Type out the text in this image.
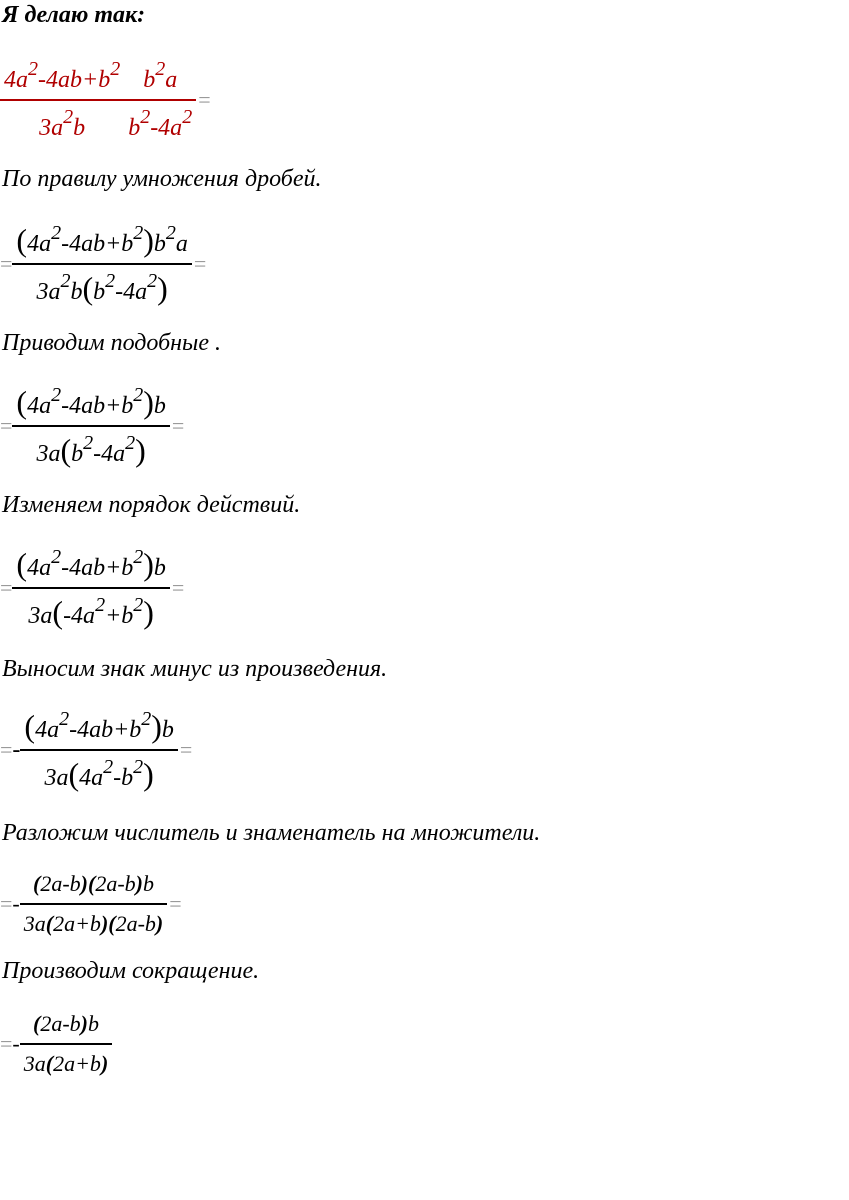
Я делаю так:

$\frac{4a^2-4ab+b^2}{3a^2b} \frac{b^2a}{b^2-4a^2}$ =

По правилу умножения дробей.

= $\frac{(4a^2-4ab+b^2)b^2a}{3a^2b(b^2-4a^2)}$ =

Приводим подобные .

= $\frac{(4a^2-4ab+b^2)b}{3a(b^2-4a^2)}$ =

Изменяем порядок действий.

= $\frac{(4a^2-4ab+b^2)b}{3a(-4a^2+b^2)}$ =

Выносим знак минус из произведения.

= - $\frac{(4a^2-4ab+b^2)b}{3a(4a^2-b^2)}$ =

Разложим числитель и знаменатель на множители.

= - $\frac{(2a-b)(2a-b)b}{3a(2a+b)(2a-b)}$ =

Производим сокращение.

= - $\frac{(2a-b)b}{3a(2a+b)}$
